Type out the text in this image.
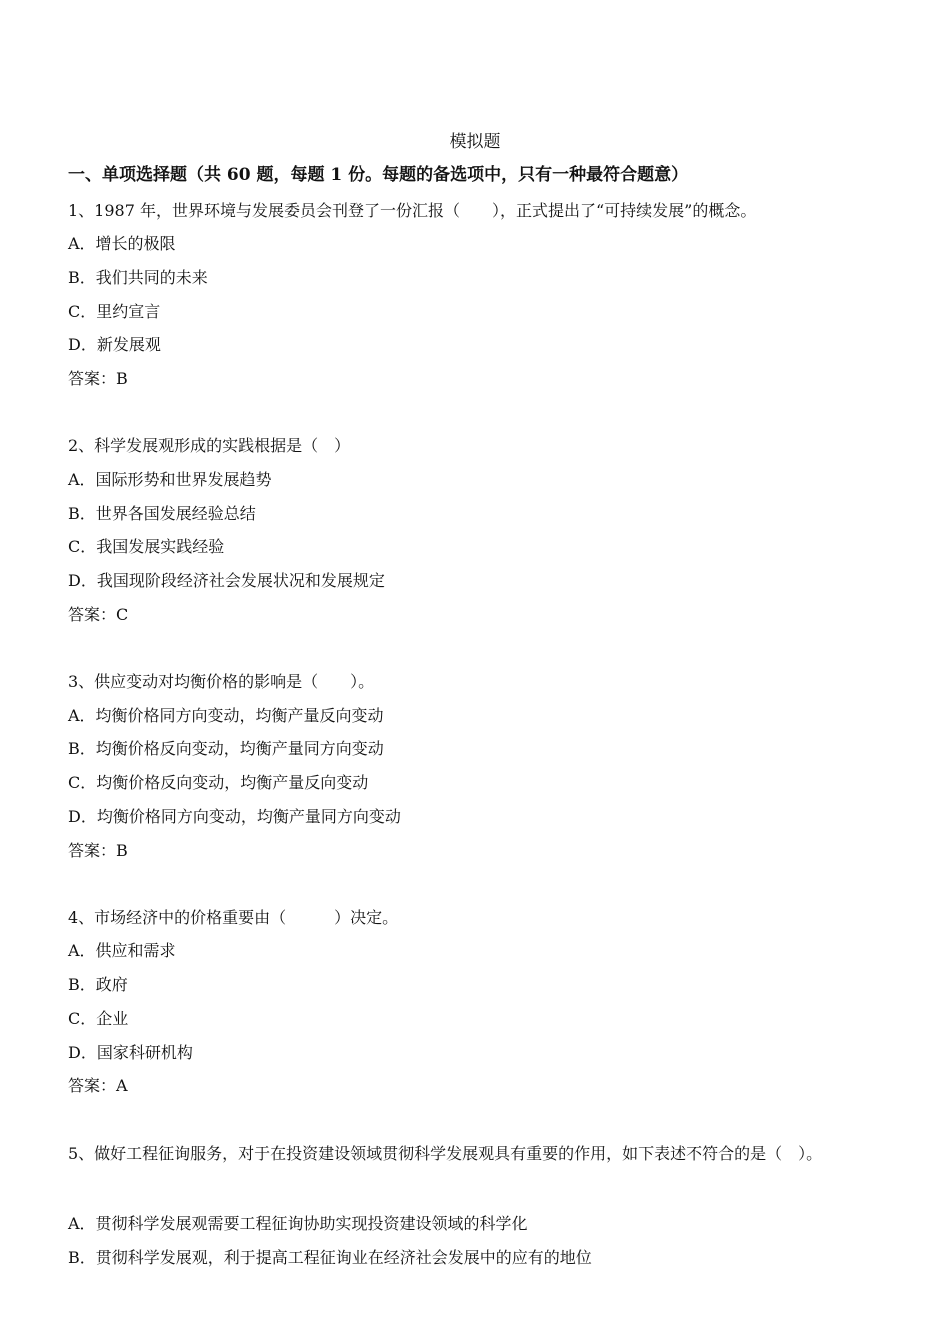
模拟题
一、单项选择题（共 60 题，每题 1 份。每题的备选项中，只有一种最符合题意）
1、1987 年，世界环境与发展委员会刊登了一份汇报（　　），正式提出了“可持续发展”的概念。
A．增长的极限
B．我们共同的未来
C．里约宣言
D．新发展观
答案：B
2、科学发展观形成的实践根据是（　）
A．国际形势和世界发展趋势
B．世界各国发展经验总结
C．我国发展实践经验
D．我国现阶段经济社会发展状况和发展规定
答案：C
3、供应变动对均衡价格的影响是（　　）。
A．均衡价格同方向变动，均衡产量反向变动
B．均衡价格反向变动，均衡产量同方向变动
C．均衡价格反向变动，均衡产量反向变动
D．均衡价格同方向变动，均衡产量同方向变动
答案：B
4、市场经济中的价格重要由（　　　）决定。
A．供应和需求
B．政府
C．企业
D．国家科研机构
答案：A
5、做好工程征询服务，对于在投资建设领域贯彻科学发展观具有重要的作用，如下表述不符合的是（　）。
A．贯彻科学发展观需要工程征询协助实现投资建设领域的科学化
B．贯彻科学发展观，利于提高工程征询业在经济社会发展中的应有的地位
